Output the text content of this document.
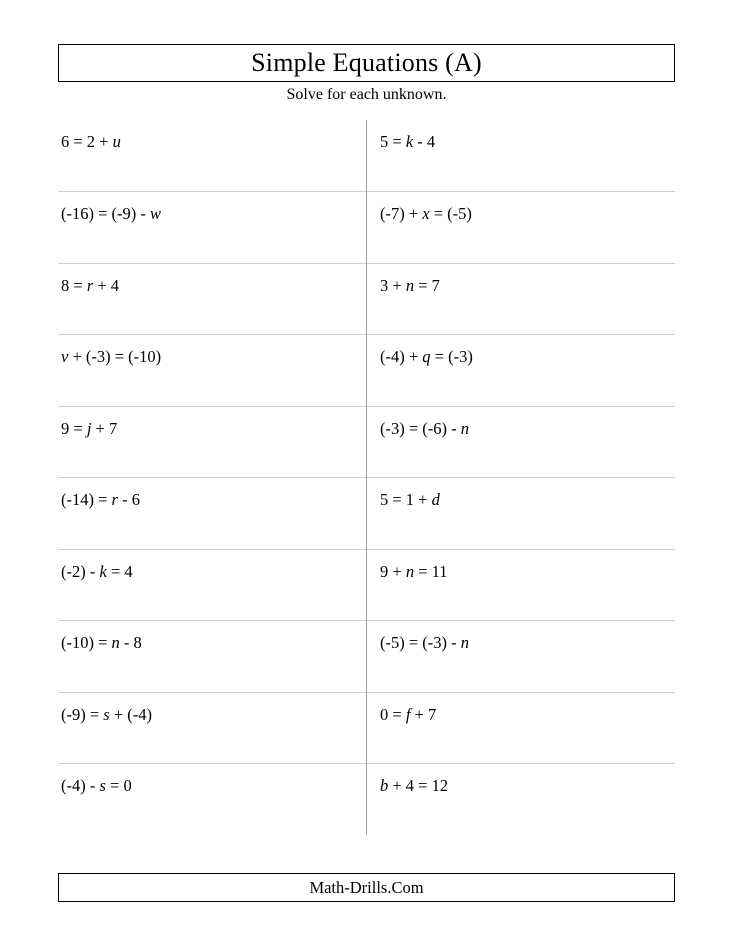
Simple Equations (A)
Solve for each unknown.
6 = 2 + u	5 = k - 4
(-16) = (-9) - w	(-7) + x = (-5)
8 = r + 4	3 + n = 7
v + (-3) = (-10)	(-4) + q = (-3)
9 = j + 7	(-3) = (-6) - n
(-14) = r - 6	5 = 1 + d
(-2) - k = 4	9 + n = 11
(-10) = n - 8	(-5) = (-3) - n
(-9) = s + (-4)	0 = f + 7
(-4) - s = 0	b + 4 = 12
Math-Drills.Com
